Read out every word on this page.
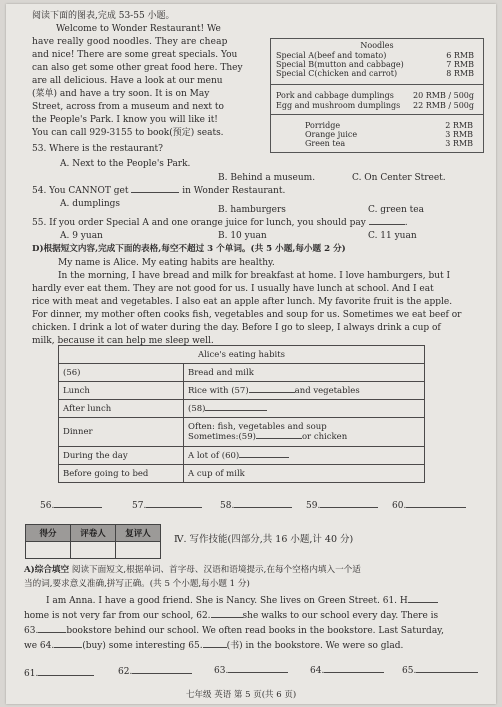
阅读下面的图表,完成 53-55 小题。
Welcome to Wonder Restaurant! We
have really good noodles. They are cheap
and nice! There are some great specials. You
can also get some other great food here. They
are all delicious. Have a look at our menu
(菜单) and have a try soon. It is on May
Street, across from a museum and next to
the People's Park. I know you will like it!
You can call 929-3155 to book(预定) seats.
Noodles
Special A(beef and tomato)	6 RMB
Special B(mutton and cabbage)	7 RMB
Special C(chicken and carrot)	8 RMB
Pork and cabbage dumplings 20 RMB / 500g
Egg and mushroom dumplings 22 RMB / 500g
Porridge	2 RMB
Orange juice	3 RMB
Green tea	3 RMB
53. Where is the restaurant?
A. Next to the People's Park.
B. Behind a museum.	C. On Center Street.
54. You CANNOT get	in Wonder Restaurant.
A. dumplings
B. hamburgers	C. green tea
55. If you order Special A and one orange juice for lunch, you should pay	.
A. 9 yuan	B. 10 yuan	C. 11 yuan
D)根据短文内容,完成下面的表格,每空不超过 3 个单词。(共 5 小题,每小题 2 分)
My name is Alice. My eating habits are healthy.
In the morning, I have bread and milk for breakfast at home. I love hamburgers, but I
hardly ever eat them. They are not good for us. I usually have lunch at school. And I eat
rice with meat and vegetables. I also eat an apple after lunch. My favorite fruit is the apple.
For dinner, my mother often cooks fish, vegetables and soup for us. Sometimes we eat beef or
chicken. I drink a lot of water during the day. Before I go to sleep, I always drink a cup of
milk, because it can help me sleep well.
Alice's eating habits	
(56)	Bread and milk
Lunch	Rice with (57) and vegetables
After lunch	(58)
Dinner	Often: fish, vegetables and soup
Sometimes:(59) or chicken

During the day	A lot of (60)
Before going to bed	A cup of milk
56.	57.	58.	59.	60.
得分	评卷人	复评人
		Ⅳ. 写作技能(四部分,共 16 小题,计 40 分)
A)综合填空 阅读下面短文,根据单词、首字母、汉语和语境提示,在每个空格内填入一个适
当的词,要求意义准确,拼写正确。(共 5 个小题,每小题 1 分)
I am Anna. I have a good friend. She is Nancy. She lives on Green Street. 61. H
home is not very far from our school, 62.	she walks to our school every day. There is
63.	bookstore behind our school. We often read books in the bookstore. Last Saturday,
we 64.	(buy) some interesting 65.	(书) in the bookstore. We were so glad.
61.	62.	63.	64.	65.
七年级 英语 第 5 页(共 6 页)
